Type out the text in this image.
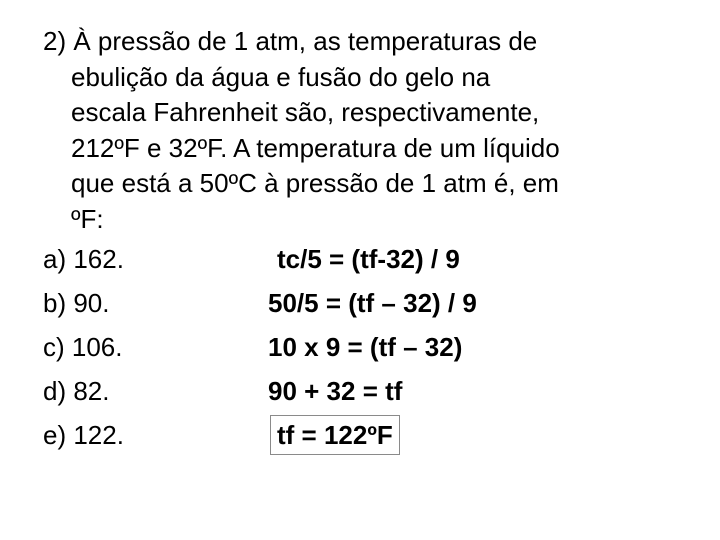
2) À pressão de 1 atm, as temperaturas de
ebulição da água e fusão do gelo na
escala Fahrenheit são, respectivamente,
212ºF e 32ºF. A temperatura de um líquido
que está a 50ºC à pressão de 1 atm é, em
ºF:
a) 162.
b) 90.
c) 106.
d) 82.
e) 122.
tc/5 = (tf-32) / 9
50/5 = (tf – 32) / 9
10 x 9 = (tf – 32)
90 + 32 = tf
tf = 122ºF
